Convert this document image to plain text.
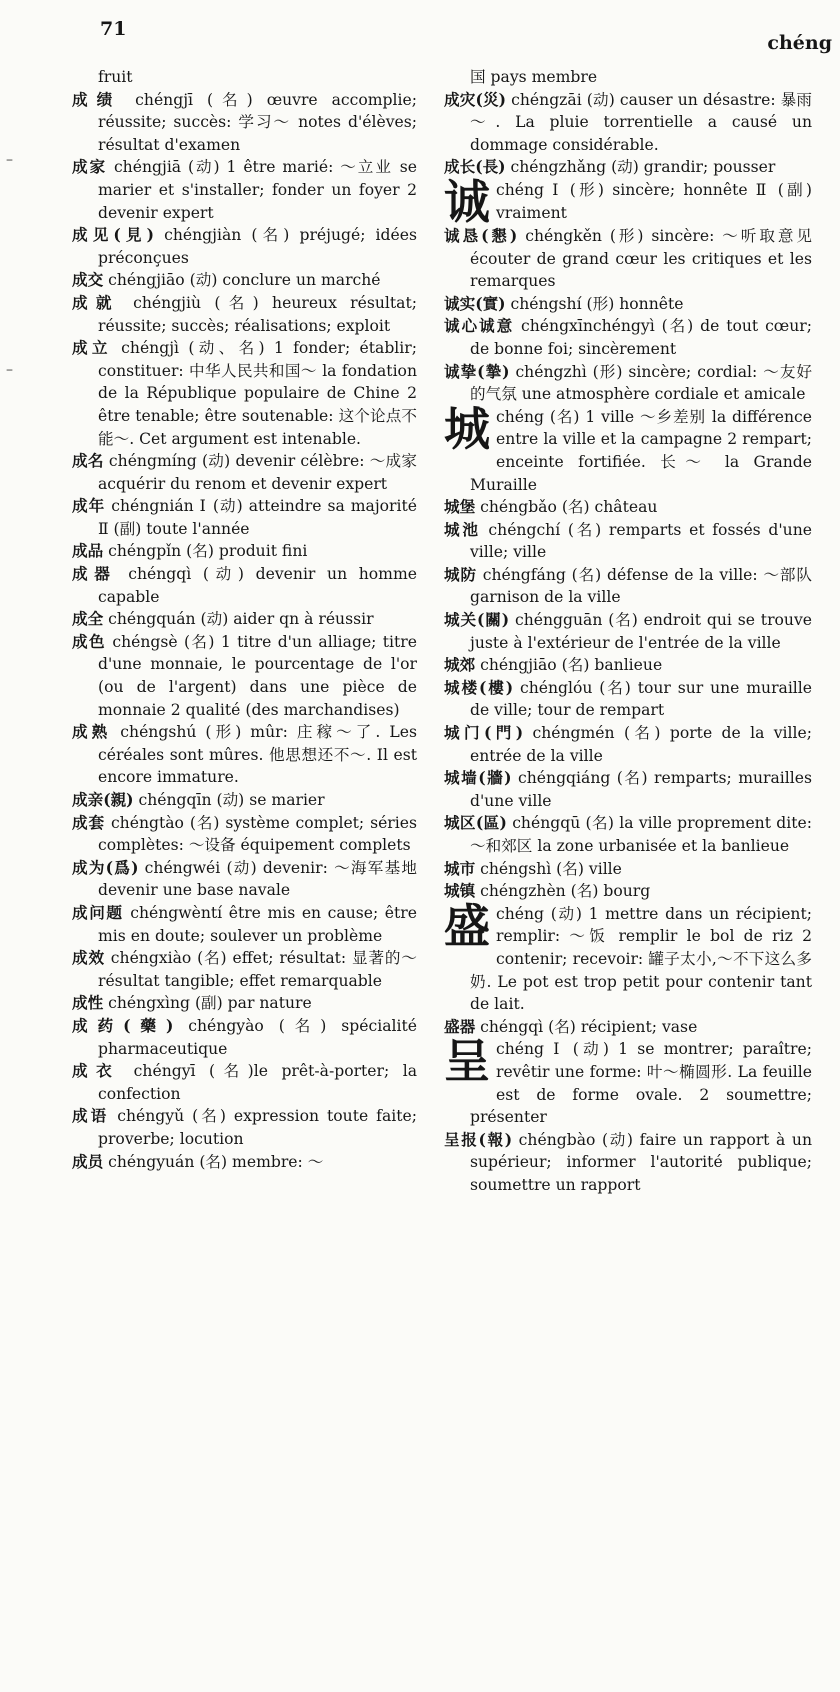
71
chéng
–
–

fruit

成绩 chéngjī (名) œuvre accomplie; réussite; succès: 学习～ notes d'élèves; résultat d'examen

成家 chéngjiā (动) 1 être marié: ～立业 se marier et s'installer; fonder un foyer 2 devenir expert

成见(見) chéngjiàn (名) préjugé; idées préconçues

成交 chéngjiāo (动) conclure un marché

成就 chéngjiù (名) heureux résultat; réussite; succès; réalisations; exploit

成立 chéngjì (动、名) 1 fonder; établir; constituer: 中华人民共和国～ la fondation de la République populaire de Chine 2 être tenable; être soutenable: 这个论点不能～. Cet argument est intenable.

成名 chéngmíng (动) devenir célèbre: ～成家 acquérir du renom et devenir expert

成年 chéngnián Ⅰ (动) atteindre sa majorité Ⅱ (副) toute l'année

成品 chéngpǐn (名) produit fini

成器 chéngqì (动) devenir un homme capable

成全 chéngquán (动) aider qn à réussir

成色 chéngsè (名) 1 titre d'un alliage; titre d'une monnaie, le pourcentage de l'or (ou de l'argent) dans une pièce de monnaie 2 qualité (des marchandises)

成熟 chéngshú (形) mûr: 庄稼～了. Les céréales sont mûres. 他思想还不～. Il est encore immature.

成亲(親) chéngqīn (动) se marier

成套 chéngtào (名) système complet; séries complètes: ～设备 équipement complets

成为(爲) chéngwéi (动) devenir: ～海军基地 devenir une base navale

成问题 chéngwèntí être mis en cause; être mis en doute; soulever un problème

成效 chéngxiào (名) effet; résultat: 显著的～ résultat tangible; effet remarquable

成性 chéngxìng (副) par nature

成药(藥) chéngyào (名) spécialité pharmaceutique

成衣 chéngyī (名)le prêt-à-porter; la confection

成语 chéngyǔ (名) expression toute faite; proverbe; locution

成员 chéngyuán (名) membre: ～

国 pays membre

成灾(災) chéngzāi (动) causer un désastre: 暴雨～. La pluie torrentielle a causé un dommage considérable.

成长(長) chéngzhǎng (动) grandir; pousser

诚chéng Ⅰ (形) sincère; honnête Ⅱ (副) vraiment

诚恳(懇) chéngkěn (形) sincère: ～听取意见 écouter de grand cœur les critiques et les remarques

诚实(實) chéngshí (形) honnête

诚心诚意 chéngxīnchéngyì (名) de tout cœur; de bonne foi; sincèrement

诚挚(摯) chéngzhì (形) sincère; cordial: ～友好的气氛 une atmosphère cordiale et amicale

城chéng (名) 1 ville ～乡差别 la différence entre la ville et la campagne 2 rempart; enceinte fortifiée. 长～ la Grande Muraille

城堡 chéngbǎo (名) château

城池 chéngchí (名) remparts et fossés d'une ville; ville

城防 chéngfáng (名) défense de la ville: ～部队 garnison de la ville

城关(關) chéngguān (名) endroit qui se trouve juste à l'extérieur de l'entrée de la ville

城郊 chéngjiāo (名) banlieue

城楼(樓) chénglóu (名) tour sur une muraille de ville; tour de rempart

城门(門) chéngmén (名) porte de la ville; entrée de la ville

城墙(牆) chéngqiáng (名) remparts; murailles d'une ville

城区(區) chéngqū (名) la ville proprement dite: ～和郊区 la zone urbanisée et la banlieue

城市 chéngshì (名) ville

城镇 chéngzhèn (名) bourg

盛chéng (动) 1 mettre dans un récipient; remplir: ～饭 remplir le bol de riz 2 contenir; recevoir: 罐子太小,～不下这么多奶. Le pot est trop petit pour contenir tant de lait.

盛器 chéngqì (名) récipient; vase

呈chéng Ⅰ (动) 1 se montrer; paraître; revêtir une forme: 叶～椭圆形. La feuille est de forme ovale. 2 soumettre; présenter

呈报(報) chéngbào (动) faire un rapport à un supérieur; informer l'autorité publique; soumettre un rapport
